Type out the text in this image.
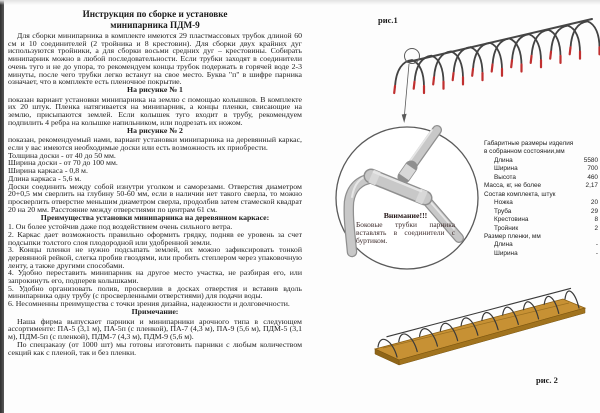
Инструкция по сборке и установке
минипарника ПДМ-9

Для сборки минипарника в комплекте имеются 29 пластмассовых трубок длиной 60 см и 10 соединителей (2 тройника и 8 крестовин). Для сборки двух крайних дуг используются тройники, а для сборки восьми средних дуг – крестовины. Собирать минипарник можно в любой последовательности. Если трубки заходят в соединители очень туго и не до упора, то рекомендуем концы трубок подержать в горячей воде 2-3 минуты, после чего трубки легко встанут на свое место. Буква "п" в шифре парника означает, что в комплекте есть пленочное покрытие.

На рисунке № 1

показан вариант установки минипарника на землю с помощью колышков. В комплекте их 20 штук. Пленка натягивается на минипарник, а концы пленки, свисающие на землю, присыпаются землей. Если колышек туго входит в трубу, рекомендуем подпилить 4 ребра на колышке напильником, или подрезать их ножом.

На рисунке № 2

показан, рекомендуемый нами, вариант установки минипарника на деревянный каркас, если у вас имеются необходимые доски или есть возможность их приобрести.

Толщина доски - от 40 до 50 мм.
Ширина доски - от 70 до 100 мм.
Ширина каркаса - 0,8 м.
Длина каркаса - 5,6 м.

Доски соединить между собой изнутри уголком и саморезами. Отверстия диаметром 20+0,5 мм сверлить на глубину 50-60 мм, если в наличии нет такого сверла, то можно просверлить отверстие меньшим диаметром сверла, продолбив затем стамеской квадрат 20 на 20 мм. Расстояние между отверстиями по центрам 61 см.

Преимущества установки минипарника на деревянном каркасе:
1. Он более устойчив даже под воздействием очень сильного ветра.
2. Каркас дает возможность правильно оформить грядку, подняв ее уровень за счет подсыпки толстого слоя плодородной или удобренной земли.
3. Концы пленки не нужно подсыпать землей, их можно зафиксировать тонкой деревянной рейкой, слегка пробив гвоздями, или пробить степлером через упаковочную ленту, а также другими способами.
4. Удобно переставить минипарник на другое место участка, не разбирая его, или запрокинуть его, подперев колышками.
5. Удобно организовать полив, просверлив в досках отверстия и вставив вдоль минипарника одну трубу (с просверленными отверстиями) для подачи воды.
6. Несомненны преимущества с точки зрения дизайна, надежности и долговечности.
Примечание:

Наша фирма выпускает парники и минипарники арочного типа в следующем ассортименте: ПА-5 (3,1 м), ПА-5п (с пленкой), ПА-7 (4,3 м), ПА-9 (5,6 м), ПДМ-5 (3,1 м), ПДМ-5п (с пленкой), ПДМ-7 (4,3 м), ПДМ-9 (5,6 м).

По спецзаказу (от 1000 шт) мы готовы изготовить парники с любым количеством секций как с пленой, так и без пленки.

рис.1
Внимание!!!
Боковые трубки парника вставлять в соединители с буртиком.
Габаритные размеры изделия
в собранном состоянии,мм
Длина	5580
Ширина	700
Высота	460
Масса, кг, не более	2,17
Состав комплекта, штук
Ножка	20
Труба	29
Крестовина	8
Тройник	2
Размер пленки, мм
Длина	-
Ширина	-
рис. 2
